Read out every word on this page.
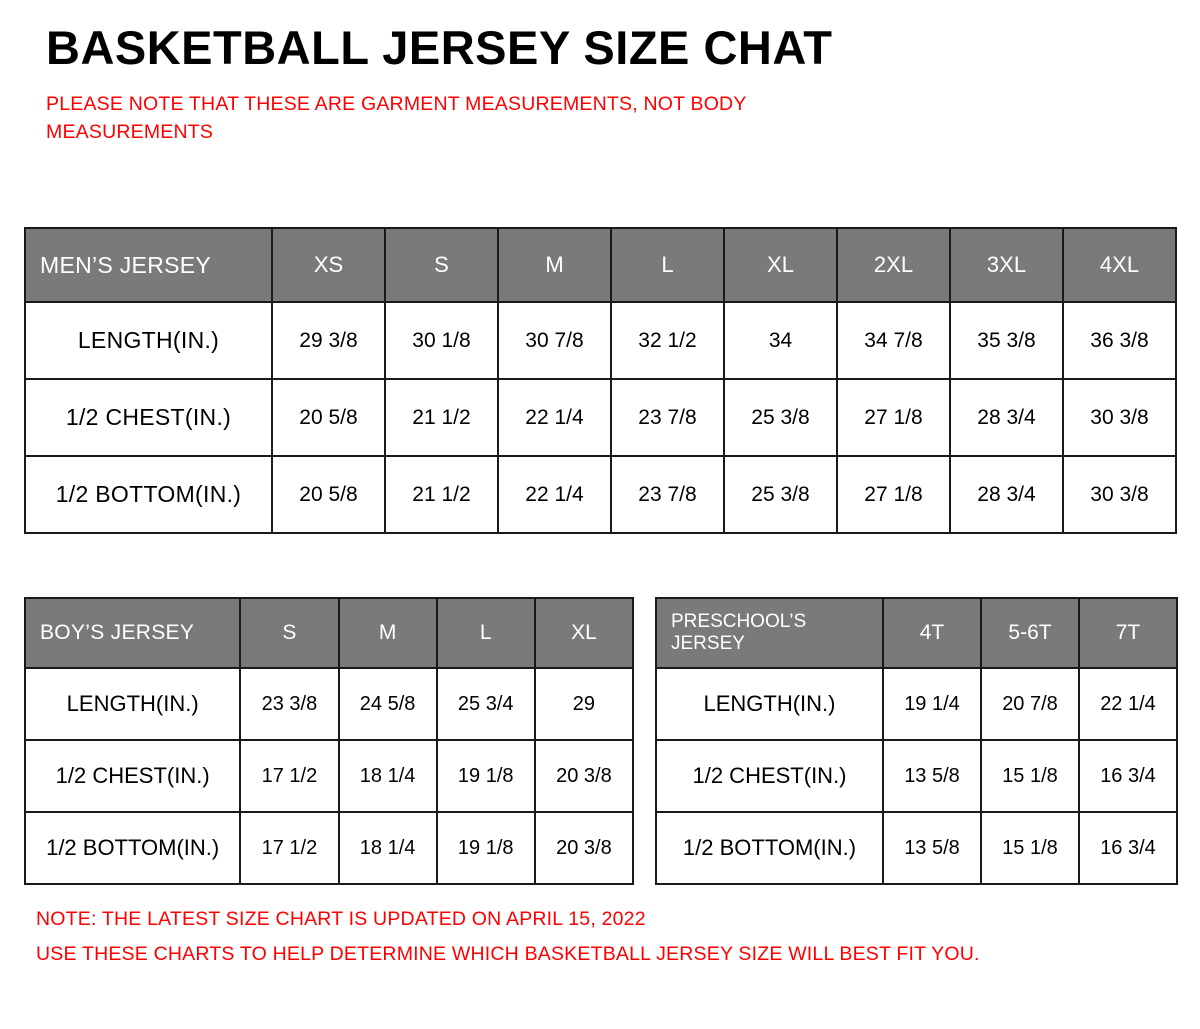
BASKETBALL JERSEY SIZE CHAT
PLEASE NOTE THAT THESE ARE GARMENT MEASUREMENTS, NOT BODY MEASUREMENTS
MEN’S JERSEY	XS	S	M	L	XL	2XL	3XL	4XL
LENGTH(IN.)	29 3/8	30 1/8	30 7/8	32 1/2	34	34 7/8	35 3/8	36 3/8
1/2 CHEST(IN.)	20 5/8	21 1/2	22 1/4	23 7/8	25 3/8	27 1/8	28 3/4	30 3/8
1/2 BOTTOM(IN.)	20 5/8	21 1/2	22 1/4	23 7/8	25 3/8	27 1/8	28 3/4	30 3/8
BOY’S JERSEY	S	M	L	XL
LENGTH(IN.)	23 3/8	24 5/8	25 3/4	29
1/2 CHEST(IN.)	17 1/2	18 1/4	19 1/8	20 3/8
1/2 BOTTOM(IN.)	17 1/2	18 1/4	19 1/8	20 3/8
PRESCHOOL’S JERSEY	4T	5-6T	7T
LENGTH(IN.)	19 1/4	20 7/8	22 1/4
1/2 CHEST(IN.)	13 5/8	15 1/8	16 3/4
1/2 BOTTOM(IN.)	13 5/8	15 1/8	16 3/4
NOTE: THE LATEST SIZE CHART IS UPDATED ON APRIL 15, 2022
USE THESE CHARTS TO HELP DETERMINE WHICH BASKETBALL JERSEY SIZE WILL BEST FIT YOU.
